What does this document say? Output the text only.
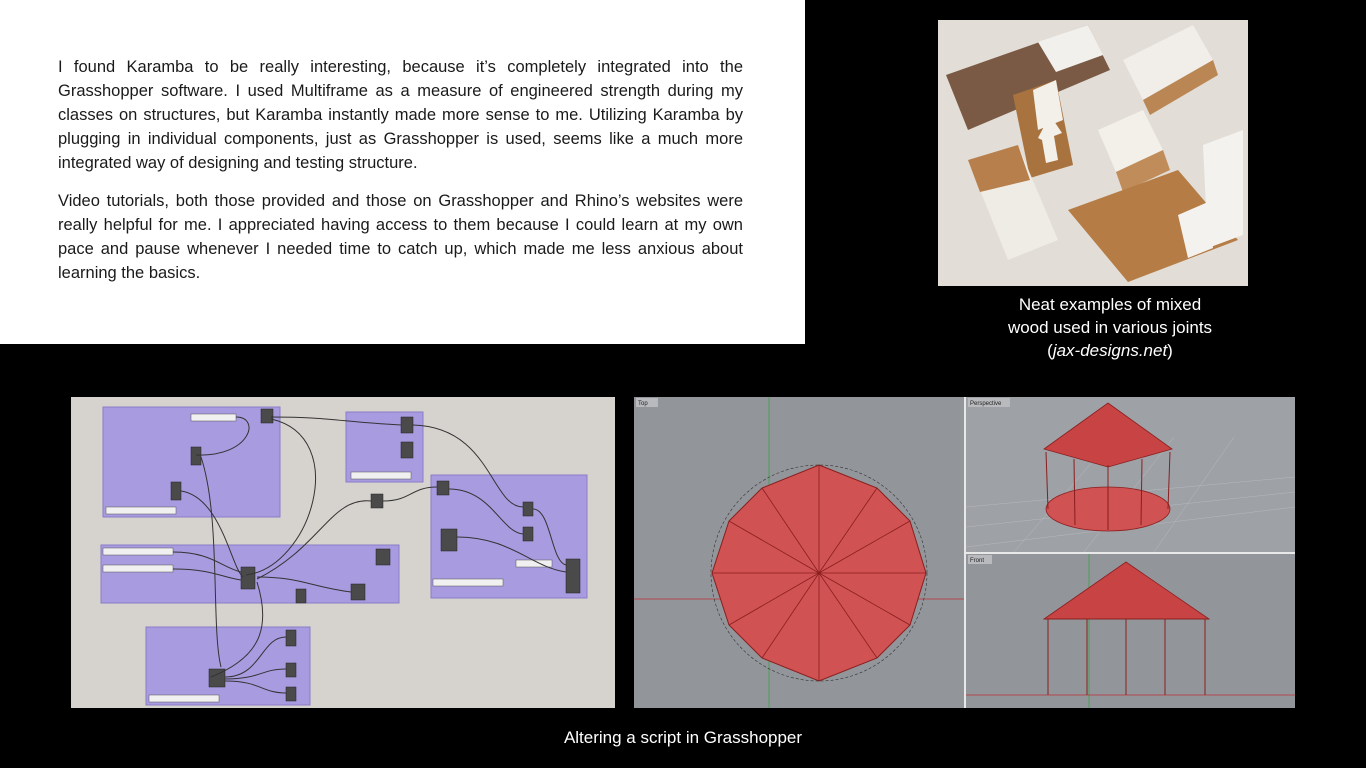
I found Karamba to be really interesting, because it’s completely integrated into the Grasshopper software. I used Multiframe as a measure of engineered strength during my classes on structures, but Karamba instantly made more sense to me. Utilizing Karamba by plugging in individual components, just as Grasshopper is used, seems like a much more integrated way of designing and testing structure.

Video tutorials, both those provided and those on Grasshopper and Rhino’s websites were really helpful for me. I appreciated having access to them because I could learn at my own pace and pause whenever I needed time to catch up, which made me less anxious about learning the basics.

Neat examples of mixed
wood used in various joints
(jax-designs.net)
Top	Perspective
Front
Altering a script in Grasshopper
